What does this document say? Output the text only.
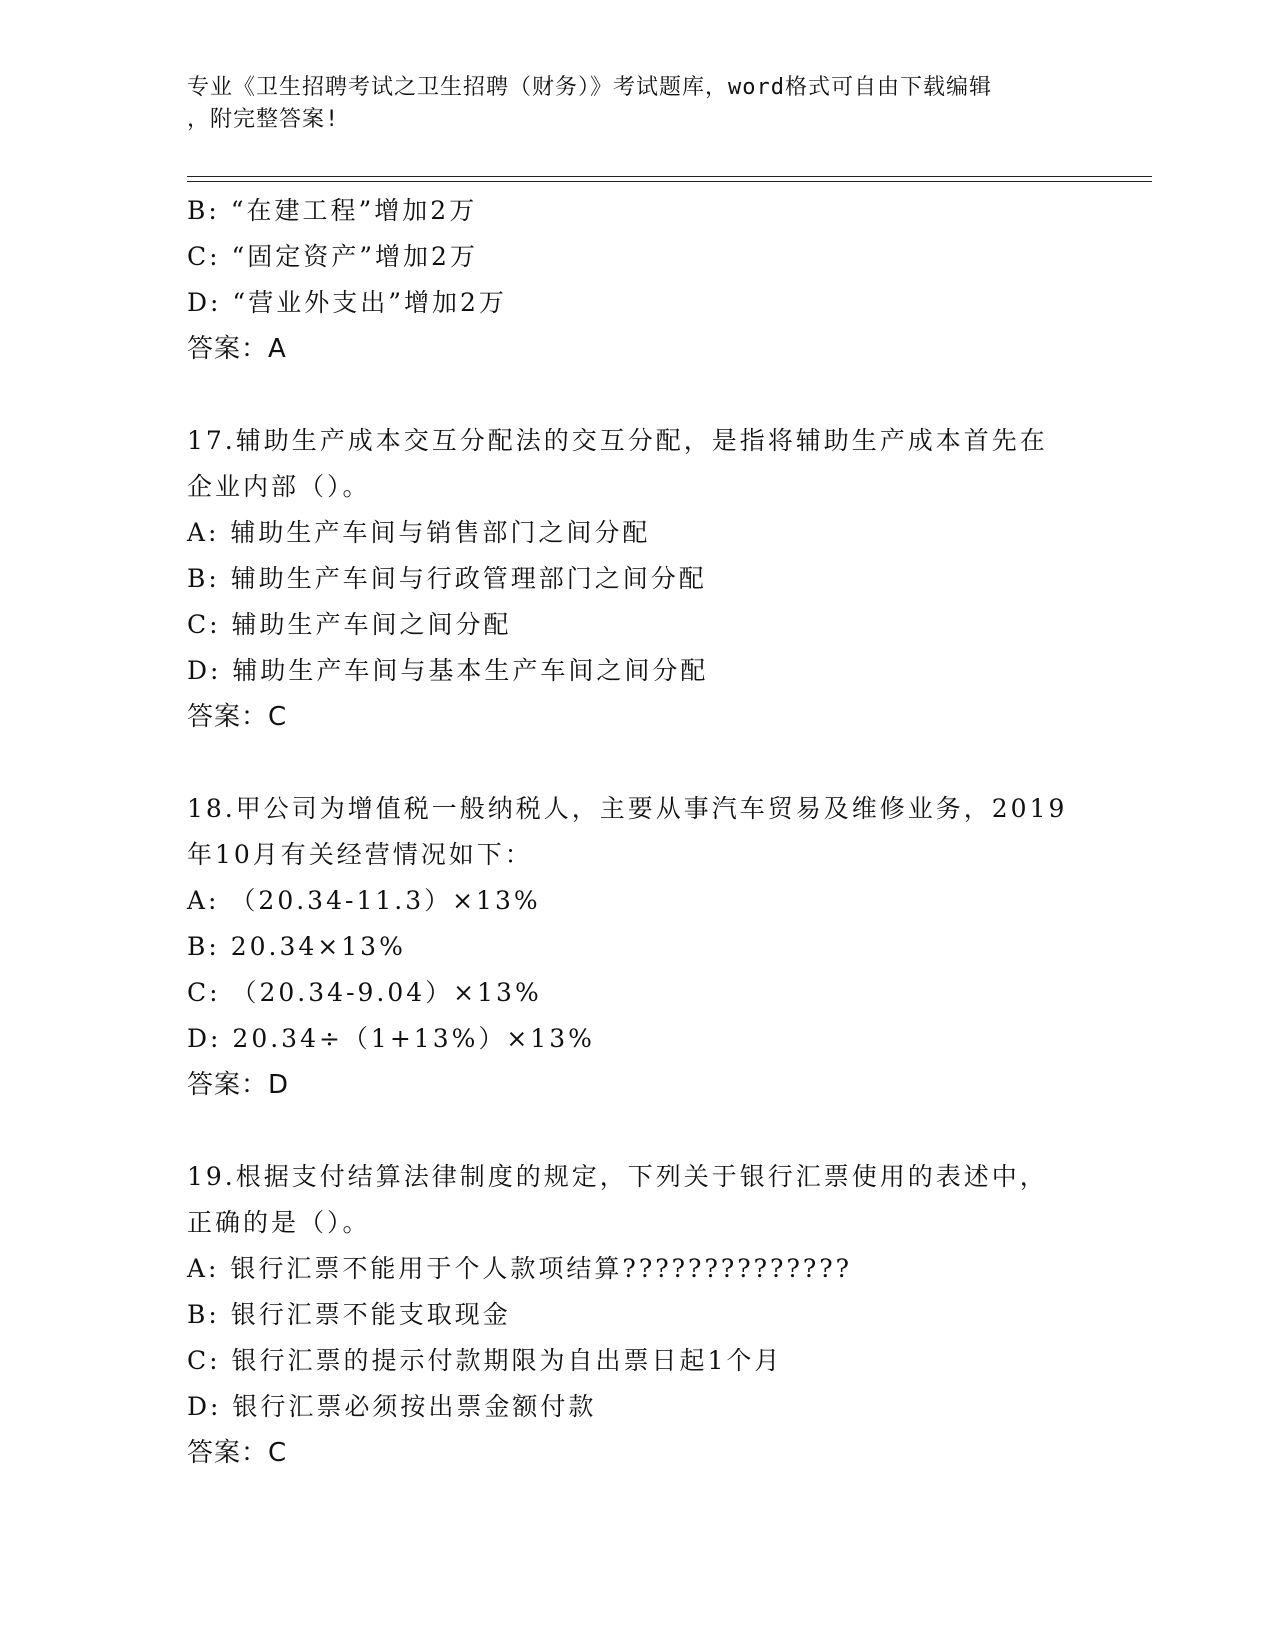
专业《卫生招聘考试之卫生招聘（财务）》考试题库，word格式可自由下载编辑
，附完整答案!
B: “在建工程”增加2万
C: “固定资产”增加2万
D: “营业外支出”增加2万
答案：A
17.辅助生产成本交互分配法的交互分配，是指将辅助生产成本首先在
企业内部（）。
A: 辅助生产车间与销售部门之间分配
B: 辅助生产车间与行政管理部门之间分配
C: 辅助生产车间之间分配
D: 辅助生产车间与基本生产车间之间分配
答案：C
18.甲公司为增值税一般纳税人，主要从事汽车贸易及维修业务，2019
年10月有关经营情况如下：
A: （20.34-11.3）×13%
B: 20.34×13%
C: （20.34-9.04）×13%
D: 20.34÷（1+13%）×13%
答案：D
19.根据支付结算法律制度的规定，下列关于银行汇票使用的表述中，
正确的是（）。
A: 银行汇票不能用于个人款项结算??????????????
B: 银行汇票不能支取现金
C: 银行汇票的提示付款期限为自出票日起1个月
D: 银行汇票必须按出票金额付款
答案：C
